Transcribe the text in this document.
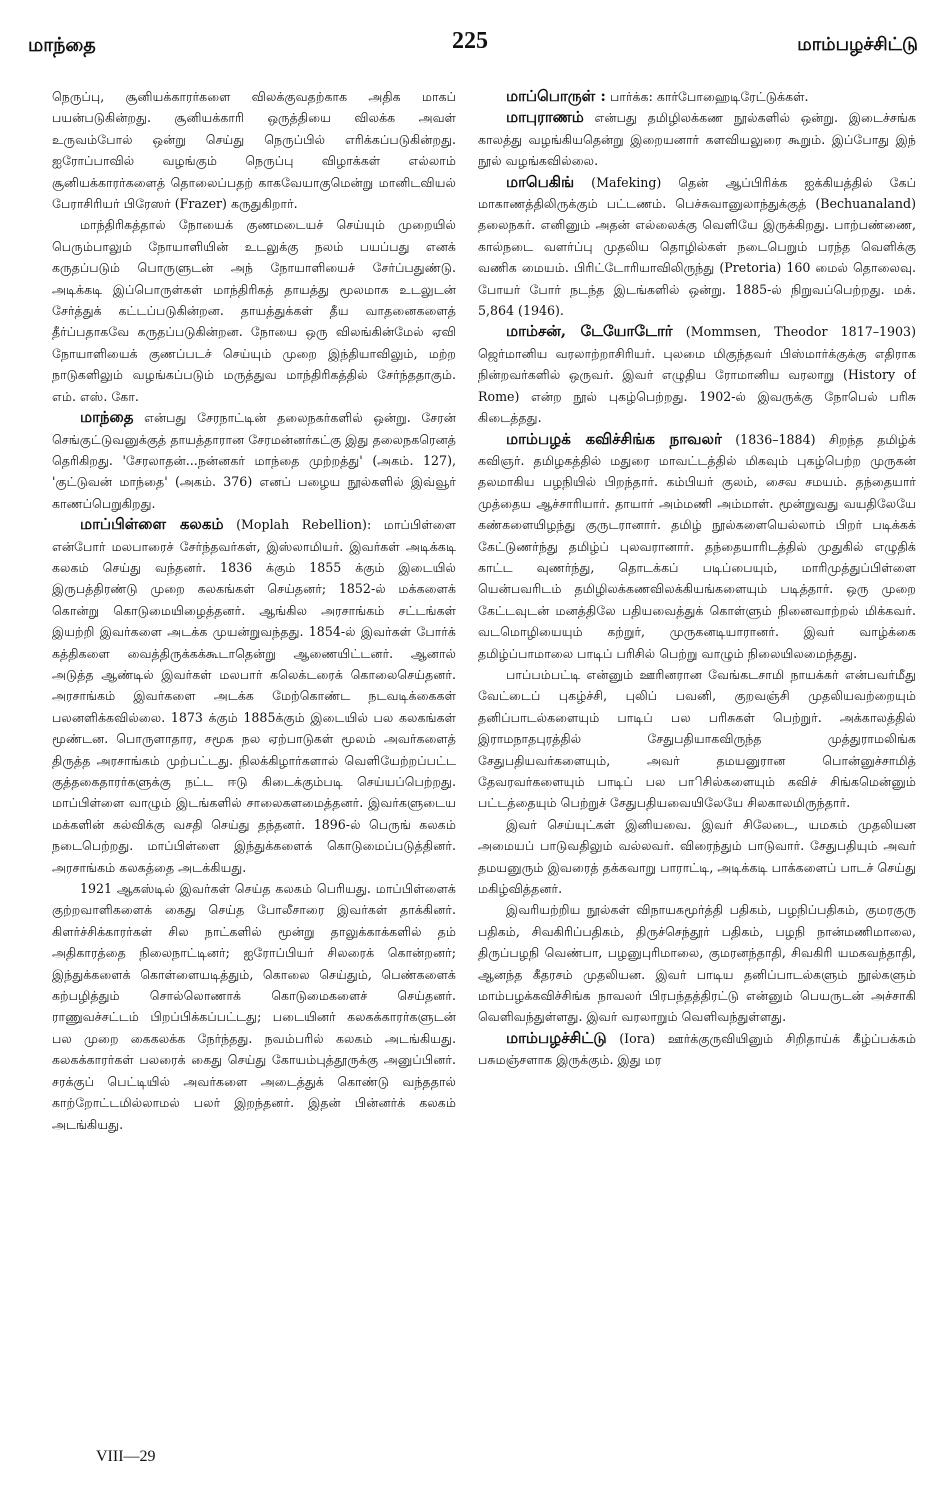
மாந்தை	225	மாம்பழச்சிட்டு

நெருப்பு, சூனியக்காரர்களை விலக்குவதற்காக அதிக மாகப் பயன்படுகின்றது. சூனியக்காரி ஒருத்தியை விலக்க அவள் உருவம்போல் ஒன்று செய்து நெருப்பில் எரிக்கப்படுகின்றது. ஐரோப்பாவில் வழங்கும் நெருப்பு விழாக்கள் எல்லாம் சூனியக்காரர்களைத் தொலைப்பதற் காகவேயாகுமென்று மானிடவியல் பேராசிரியர் பிரேஸர் (Frazer) கருதுகிறார்.

மாந்திரிகத்தால் நோயைக் குணமடையச் செய்யும் முறையில் பெரும்பாலும் நோயாளியின் உடலுக்கு நலம் பயப்பது எனக் கருதப்படும் பொருளுடன் அந் நோயாளியைச் சேர்ப்பதுண்டு. அடிக்கடி இப்பொருள்கள் மாந்திரிகத் தாயத்து மூலமாக உடலுடன் சேர்த்துக் கட்டப்படுகின்றன. தாயத்துக்கள் தீய வாதனைகளைத் தீர்ப்பதாகவே கருதப்படுகின்றன. நோயை ஒரு விலங்கின்மேல் ஏவி நோயாளியைக் குணப்படச் செய்யும் முறை இந்தியாவிலும், மற்ற நாடுகளிலும் வழங்கப்படும் மருத்துவ மாந்திரிகத்தில் சேர்ந்ததாகும். எம். எஸ். கோ.

மாந்தை என்பது சேரநாட்டின் தலைநகர்களில் ஒன்று. சேரன் செங்குட்டுவனுக்குத் தாயத்தாரான சேரமன்னர்கட்கு இது தலைநகரெனத் தெரிகிறது. 'சேரலாதன்...நன்னகர் மாந்தை முற்றத்து' (அகம். 127), 'குட்டுவன் மாந்தை' (அகம். 376) எனப் பழைய நூல்களில் இவ்வூர் காணப்பெறுகிறது.

மாப்பிள்ளை கலகம் (Moplah Rebellion): மாப்பிள்ளை என்போர் மலபாரைச் சேர்ந்தவர்கள், இஸ்லாமியர். இவர்கள் அடிக்கடி கலகம் செய்து வந்தனர். 1836 க்கும் 1855 க்கும் இடையில் இருபத்திரண்டு முறை கலகங்கள் செய்தனர்; 1852-ல் மக்களைக் கொன்று கொடுமையிழைத்தனர். ஆங்கில அரசாங்கம் சட்டங்கள் இயற்றி இவர்களை அடக்க முயன்றுவந்தது. 1854-ல் இவர்கள் போர்க் கத்திகளை வைத்திருக்கக்கூடாதென்று ஆணையிட்டனர். ஆனால் அடுத்த ஆண்டில் இவர்கள் மலபார் கலெக்டரைக் கொலைசெய்தனர். அரசாங்கம் இவர்களை அடக்க மேற்கொண்ட நடவடிக்கைகள் பலனளிக்கவில்லை. 1873 க்கும் 1885க்கும் இடையில் பல கலகங்கள் மூண்டன. பொருளாதார, சமூக நல ஏற்பாடுகள் மூலம் அவர்களைத் திருத்த அரசாங்கம் முற்பட்டது. நிலக்கிழார்களால் வெளியேற்றப்பட்ட குத்தகைதாரர்களுக்கு நட்ட ஈடு கிடைக்கும்படி செய்யப்பெற்றது. மாப்பிள்ளை வாழும் இடங்களில் சாலைகளமைத்தனர். இவர்களுடைய மக்களின் கல்விக்கு வசதி செய்து தந்தனர். 1896-ல் பெருங் கலகம் நடைபெற்றது. மாப்பிள்ளை இந்துக்களைக் கொடுமைப்படுத்தினர். அரசாங்கம் கலகத்தை அடக்கியது.

1921 ஆகஸ்டில் இவர்கள் செய்த கலகம் பெரியது. மாப்பிள்ளைக் குற்றவாளிகளைக் கைது செய்த போலீசாரை இவர்கள் தாக்கினர். கிளர்ச்சிக்காரர்கள் சில நாட்களில் மூன்று தாலுக்காக்களில் தம் அதிகாரத்தை நிலைநாட்டினர்; ஐரோப்பியர் சிலரைக் கொன்றனர்; இந்துக்களைக் கொள்ளையடித்தும், கொலை செய்தும், பெண்களைக் கற்பழித்தும் சொல்லொணாக் கொடுமைகளைச் செய்தனர். ராணுவச்சட்டம் பிறப்பிக்கப்பட்டது; படையினர் கலகக்காரர்களுடன் பல முறை கைகலக்க நேர்ந்தது. நவம்பரில் கலகம் அடங்கியது. கலகக்காரர்கள் பலரைக் கைது செய்து கோயம்புத்தூருக்கு அனுப்பினர். சரக்குப் பெட்டியில் அவர்களை அடைத்துக் கொண்டு வந்ததால் காற்றோட்டமில்லாமல் பலர் இறந்தனர். இதன் பின்னர்க் கலகம் அடங்கியது.

மாப்பொருள் : பார்க்க: கார்போஹைடிரேட்டுக்கள்.

மாபுராணம் என்பது தமிழிலக்கண நூல்களில் ஒன்று. இடைச்சங்க காலத்து வழங்கியதென்று இறையனார் களவியலுரை கூறும். இப்போது இந் நூல் வழங்கவில்லை.

மாபெகிங் (Mafeking) தென் ஆப்பிரிக்க ஐக்கியத்தில் கேப் மாகாணத்திலிருக்கும் பட்டணம். பெச்சுவானுலாந்துக்குத் (Bechuanaland) தலைநகர். எனினும் அதன் எல்லைக்கு வெளியே இருக்கிறது. பாற்பண்ணை, கால்நடை வளர்ப்பு முதலிய தொழில்கள் நடைபெறும் பரந்த வெளிக்கு வணிக மையம். பிரிட்டோரியாவிலிருந்து (Pretoria) 160 மைல் தொலைவு. போயர் போர் நடந்த இடங்களில் ஒன்று. 1885-ல் நிறுவப்பெற்றது. மக். 5,864 (1946).

மாம்சன், டேயோடோர் (Mommsen, Theodor 1817–1903) ஜெர்மானிய வரலாற்றாசிரியர். புலமை மிகுந்தவர் பிஸ்மார்க்குக்கு எதிராக நின்றவர்களில் ஒருவர். இவர் எழுதிய ரோமானிய வரலாறு (History of Rome) என்ற நூல் புகழ்பெற்றது. 1902-ல் இவருக்கு நோபெல் பரிசு கிடைத்தது.

மாம்பழக் கவிச்சிங்க நாவலர் (1836–1884) சிறந்த தமிழ்க் கவிஞர். தமிழகத்தில் மதுரை மாவட்டத்தில் மிகவும் புகழ்பெற்ற முருகன் தலமாகிய பழநியில் பிறந்தார். கம்பியர் குலம், சைவ சமயம். தந்தையார் முத்தைய ஆச்சாரியார். தாயார் அம்மணி அம்மாள். மூன்றுவது வயதிலேயே கண்களையிழந்து குருடரானார். தமிழ் நூல்களையெல்லாம் பிறர் படிக்கக் கேட்டுணர்ந்து தமிழ்ப் புலவரானார். தந்தையாரிடத்தில் முதுகில் எழுதிக் காட்ட வுணர்ந்து, தொடக்கப் படிப்பையும், மாரிமுத்துப்பிள்ளை யென்பவரிடம் தமிழிலக்கணவிலக்கியங்களையும் படித்தார். ஒரு முறை கேட்டவுடன் மனத்திலே பதியவைத்துக் கொள்ளும் நினைவாற்றல் மிக்கவர். வடமொழியையும் கற்றுர், முருகனடியாரானர். இவர் வாழ்க்கை தமிழ்ப்பாமாலை பாடிப் பரிசில் பெற்று வாழும் நிலையிலமைந்தது.

பாப்பம்பட்டி என்னும் ஊரினரான வேங்கடசாமி நாயக்கர் என்பவர்மீது வேட்டைப் புகழ்ச்சி, புலிப் பவனி, குறவஞ்சி முதலியவற்றையும் தனிப்பாடல்களையும் பாடிப் பல பரிசுகள் பெற்றுர். அக்காலத்தில் இராமநாதபுரத்தில் சேதுபதியாகவிருந்த முத்துராமலிங்க சேதுபதியவர்களையும், அவர் தமயனுரான பொன்னுச்சாமித் தேவரவர்களையும் பாடிப் பல பாிசில்களையும் கவிச் சிங்கமென்னும் பட்டத்தையும் பெற்றுச் சேதுபதியவையிலேயே சிலகாலமிருந்தார்.

இவர் செய்யுட்கள் இனியவை. இவர் சிலேடை, யமகம் முதலியன அமையப் பாடுவதிலும் வல்லவர். விரைந்தும் பாடுவார். சேதுபதியும் அவர் தமயனுரும் இவரைத் தக்கவாறு பாராட்டி, அடிக்கடி பாக்களைப் பாடச் செய்து மகிழ்வித்தனர்.

இவரியற்றிய நூல்கள் விநாயகமூர்த்தி பதிகம், பழநிப்பதிகம், குமரகுரு பதிகம், சிவகிரிப்பதிகம், திருச்செந்தூர் பதிகம், பழநி நான்மணிமாலை, திருப்பழநி வெண்பா, பழனுபுரிமாலை, குமரனந்தாதி, சிவகிரி யமகவந்தாதி, ஆனந்த கீதரசம் முதலியன. இவர் பாடிய தனிப்பாடல்களும் நூல்களும் மாம்பழக்கவிச்சிங்க நாவலர் பிரபந்தத்திரட்டு என்னும் பெயருடன் அச்சாகி வெளிவந்துள்ளது. இவர் வரலாறும் வெளிவந்துள்ளது.

மாம்பழச்சிட்டு (Iora) ஊர்க்குருவியினும் சிறிதாய்க் கீழ்ப்பக்கம் பசுமஞ்சளாக இருக்கும். இது மர

VIII—29
